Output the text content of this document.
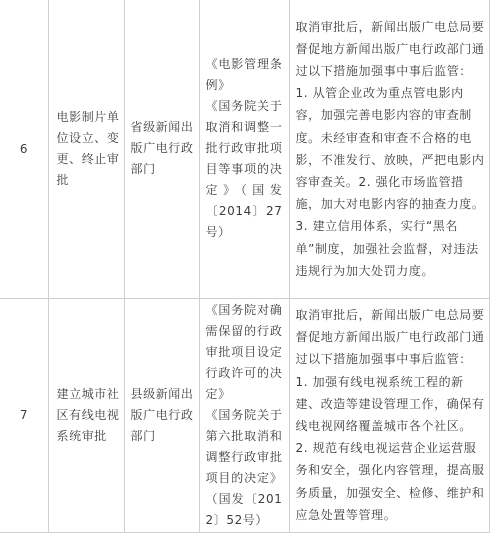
6	电影制片单位设立、变更、终止审批	省级新闻出版广电行政部门	《电影管理条例》
《国务院关于取消和调整一批行政审批项目等事项的决定》（国发〔2014〕27号）	取消审批后，新闻出版广电总局要督促地方新闻出版广电行政部门通过以下措施加强事中事后监管：1. 从管企业改为重点管电影内容，加强完善电影内容的审查制度。未经审查和审查不合格的电影，不准发行、放映，严把电影内容审查关。2. 强化市场监管措施，加大对电影内容的抽查力度。3. 建立信用体系，实行“黑名单”制度，加强社会监督，对违法违规行为加大处罚力度。

7	建立城市社区有线电视系统审批	县级新闻出版广电行政部门	《国务院对确需保留的行政审批项目设定行政许可的决定》
《国务院关于第六批取消和调整行政审批项目的决定》（国发〔2012〕52号）	取消审批后，新闻出版广电总局要督促地方新闻出版广电行政部门通过以下措施加强事中事后监管：1. 加强有线电视系统工程的新建、改造等建设管理工作，确保有线电视网络覆盖城市各个社区。2. 规范有线电视运营企业运营服务和安全，强化内容管理，提高服务质量，加强安全、检修、维护和应急处置等管理。
